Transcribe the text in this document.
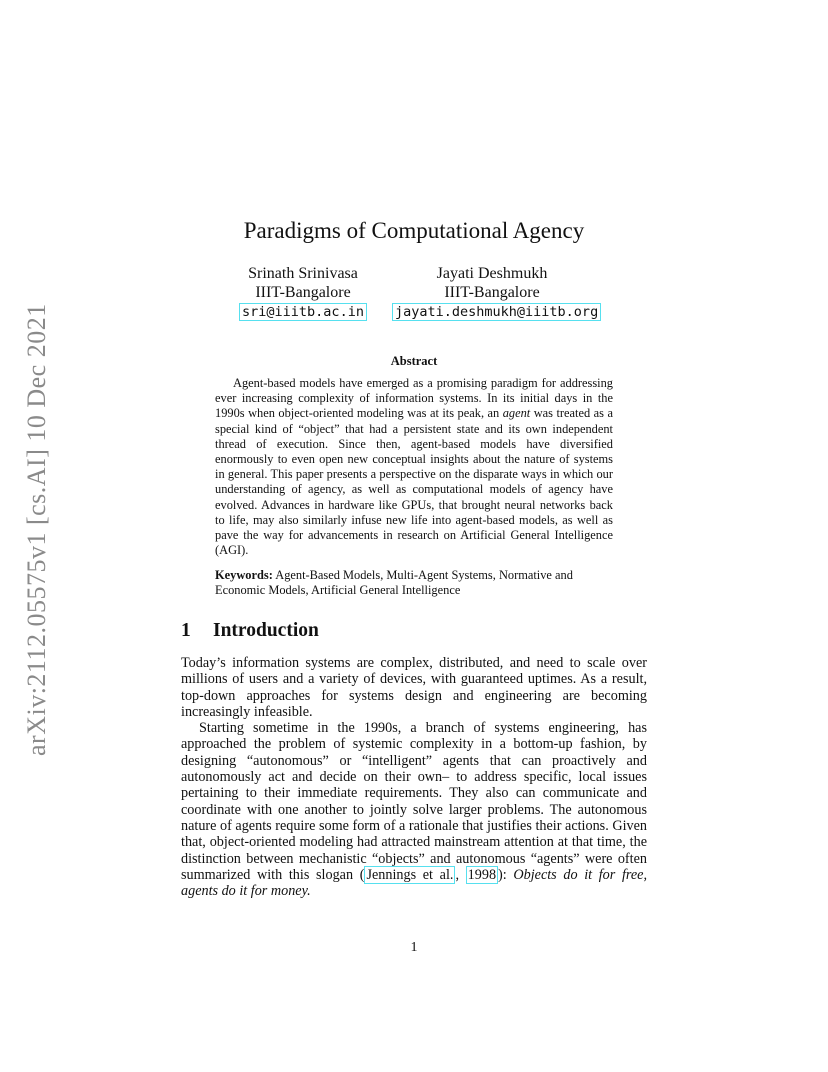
arXiv:2112.05575v1 [cs.AI] 10 Dec 2021
Paradigms of Computational Agency
Srinath Srinivasa
IIIT-Bangalore
sri@iiitb.ac.in
Jayati Deshmukh
IIIT-Bangalore
jayati.deshmukh@iiitb.org
Abstract
Agent-based models have emerged as a promising paradigm for addressing ever increasing complexity of information systems. In its initial days in the 1990s when object-oriented modeling was at its peak, an agent was treated as a special kind of “object” that had a persistent state and its own independent thread of execution. Since then, agent-based models have diversified enormously to even open new conceptual insights about the nature of systems in general. This paper presents a perspective on the disparate ways in which our understanding of agency, as well as computational models of agency have evolved. Advances in hardware like GPUs, that brought neural networks back to life, may also similarly infuse new life into agent-based models, as well as pave the way for advancements in research on Artificial General Intelligence (AGI).
Keywords: Agent-Based Models, Multi-Agent Systems, Normative and Economic Models, Artificial General Intelligence
1 Introduction

Today’s information systems are complex, distributed, and need to scale over millions of users and a variety of devices, with guaranteed uptimes. As a result, top-down approaches for systems design and engineering are becoming increasingly infeasible.

Starting sometime in the 1990s, a branch of systems engineering, has approached the problem of systemic complexity in a bottom-up fashion, by designing “autonomous” or “intelligent” agents that can proactively and autonomously act and decide on their own– to address specific, local issues pertaining to their immediate requirements. They also can communicate and coordinate with one another to jointly solve larger problems. The autonomous nature of agents require some form of a rationale that justifies their actions. Given that, object-oriented modeling had attracted mainstream attention at that time, the distinction between mechanistic “objects” and autonomous “agents” were often summarized with this slogan ( Jennings et al. , 1998 ): Objects do it for free, agents do it for money.

1
